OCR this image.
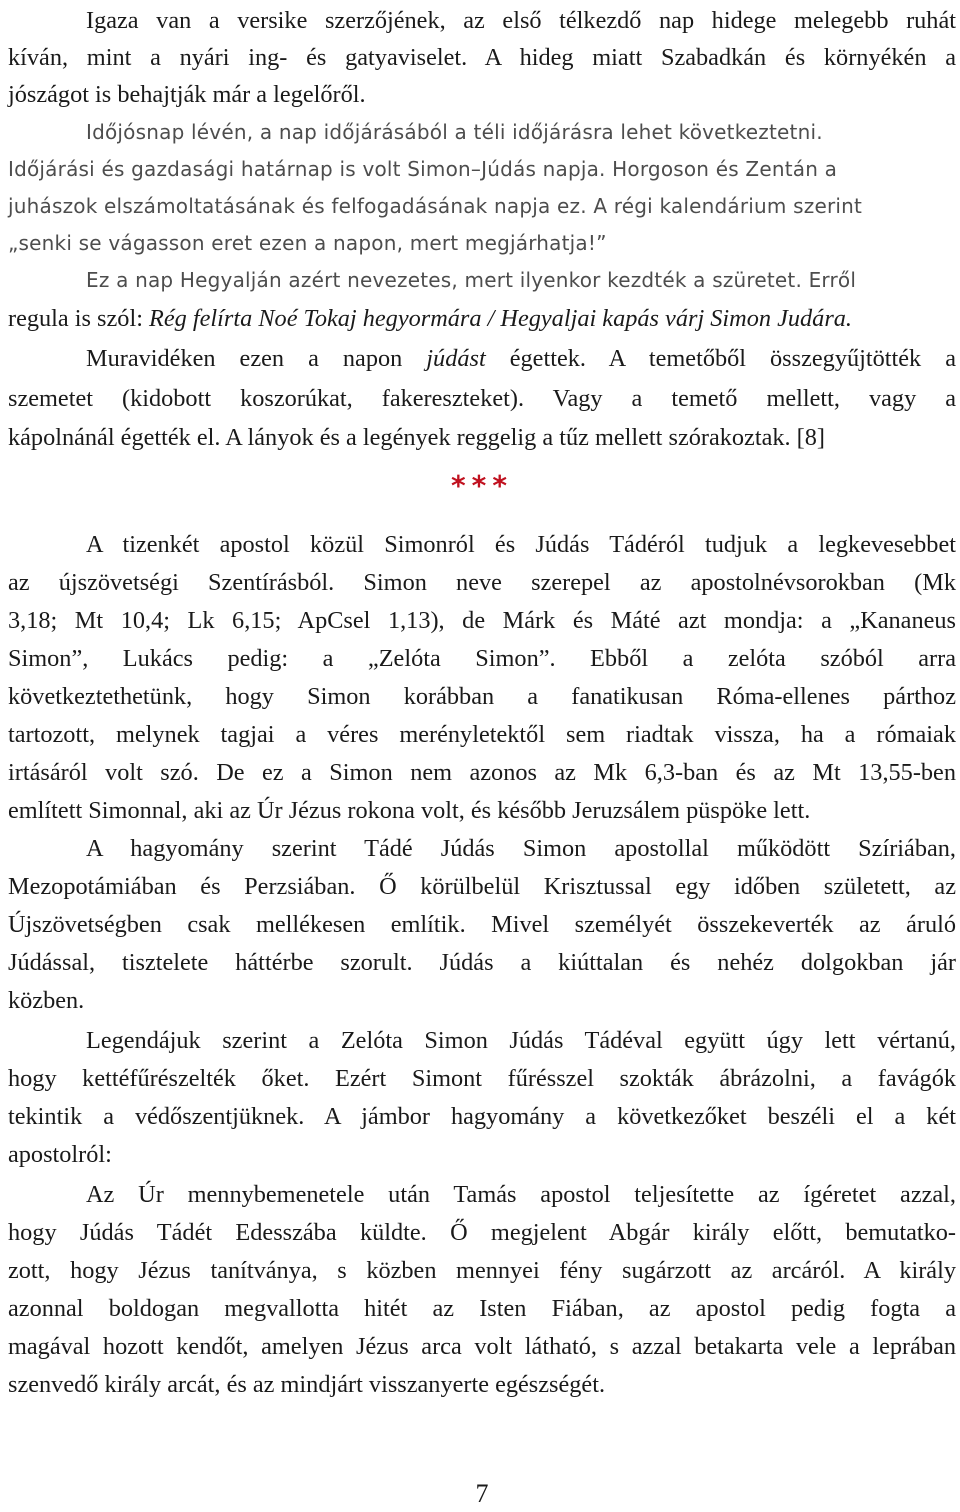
Igaza van a versike szerzőjének, az első télkezdő nap hidege melegebb ruhát
kíván, mint a nyári ing- és gatyaviselet. A hideg miatt Szabadkán és környékén a
jószágot is behajtják már a legelőről.
Időjósnap lévén, a nap időjárásából a téli időjárásra lehet következtetni.
Időjárási és gazdasági határnap is volt Simon–Júdás napja. Horgoson és Zentán a
juhászok elszámoltatásának és felfogadásának napja ez. A régi kalendárium szerint
„senki se vágasson eret ezen a napon, mert megjárhatja!”
Ez a nap Hegyalján azért nevezetes, mert ilyenkor kezdték a szüretet. Erről
regula is szól: Rég felírta Noé Tokaj hegyormára / Hegyaljai kapás várj Simon Judára.
Muravidéken ezen a napon júdást égettek. A temetőből összegyűjtötték a
szemetet (kidobott koszorúkat, fakereszteket). Vagy a temető mellett, vagy a
kápolnánál égették el. A lányok és a legények reggelig a tűz mellett szórakoztak. [8]
***
A tizenkét apostol közül Simonról és Júdás Tádéról tudjuk a legkevesebbet
az újszövetségi Szentírásból. Simon neve szerepel az apostolnévsorokban (Mk
3,18; Mt 10,4; Lk 6,15; ApCsel 1,13), de Márk és Máté azt mondja: a „Kananeus
Simon”, Lukács pedig: a „Zelóta Simon”. Ebből a zelóta szóból arra
következtethetünk, hogy Simon korábban a fanatikusan Róma-ellenes párthoz
tartozott, melynek tagjai a véres merényletektől sem riadtak vissza, ha a rómaiak
irtásáról volt szó. De ez a Simon nem azonos az Mk 6,3-ban és az Mt 13,55-ben
említett Simonnal, aki az Úr Jézus rokona volt, és később Jeruzsálem püspöke lett.
A hagyomány szerint Tádé Júdás Simon apostollal működött Szíriában,
Mezopotámiában és Perzsiában. Ő körülbelül Krisztussal egy időben született, az
Újszövetségben csak mellékesen említik. Mivel személyét összekeverték az áruló
Júdással, tisztelete háttérbe szorult. Júdás a kiúttalan és nehéz dolgokban jár
közben.
Legendájuk szerint a Zelóta Simon Júdás Tádéval együtt úgy lett vértanú,
hogy kettéfűrészelték őket. Ezért Simont fűrésszel szokták ábrázolni, a favágók
tekintik a védőszentjüknek. A jámbor hagyomány a következőket beszéli el a két
apostolról:
Az Úr mennybemenetele után Tamás apostol teljesítette az ígéretet azzal,
hogy Júdás Tádét Edesszába küldte. Ő megjelent Abgár király előtt, bemutatko-
zott, hogy Jézus tanítványa, s közben mennyei fény sugárzott az arcáról. A király
azonnal boldogan megvallotta hitét az Isten Fiában, az apostol pedig fogta a
magával hozott kendőt, amelyen Jézus arca volt látható, s azzal betakarta vele a leprában
szenvedő király arcát, és az mindjárt visszanyerte egészségét.
7
